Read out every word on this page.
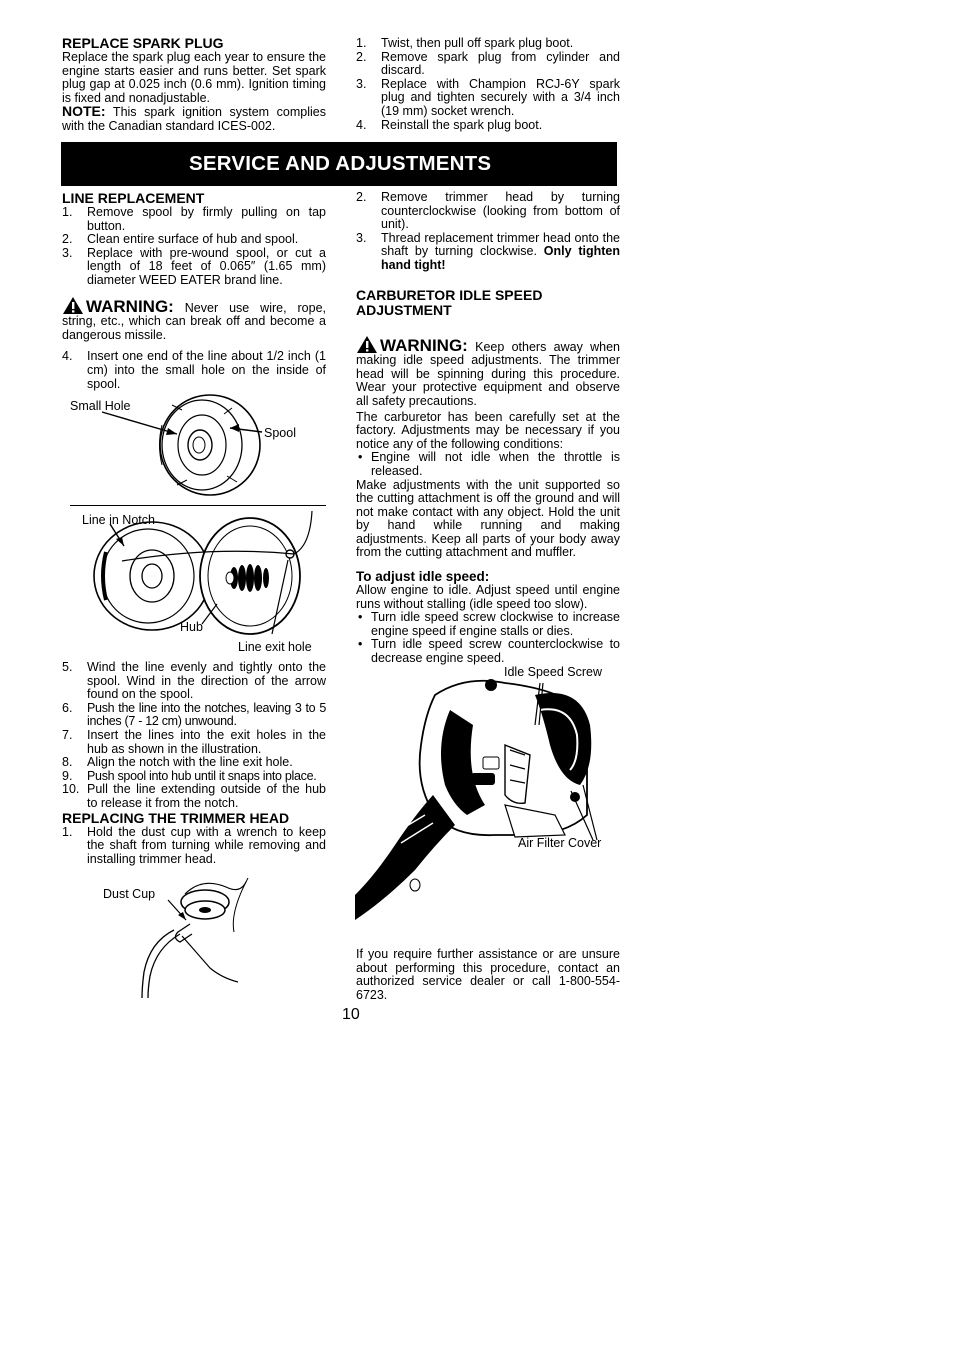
REPLACE SPARK PLUG

Replace the spark plug each year to ensure the engine starts easier and runs better. Set spark plug gap at 0.025 inch (0.6 mm). Ignition timing is fixed and nonadjustable.

NOTE: This spark ignition system complies with the Canadian standard ICES-002.

1.	Twist, then pull off spark plug boot.
2.	Remove spark plug from cylinder and discard.
3.	Replace with Champion RCJ-6Y spark plug and tighten securely with a 3/4 inch (19 mm) socket wrench.
4.	Reinstall the spark plug boot.
SERVICE AND ADJUSTMENTS
LINE REPLACEMENT
1.	Remove spool by firmly pulling on tap button.
2.	Clean entire surface of hub and spool.
3.	Replace with pre-wound spool, or cut a length of 18 feet of 0.065″ (1.65 mm) diameter WEED EATER brand line.

WARNING: Never use wire, rope, string, etc., which can break off and become a dangerous missile.

4.	Insert one end of the line about 1/2 inch (1 cm) into the small hole on the inside of spool.
Small Hole
Spool
Line in Notch
Hub
Line exit hole
5.	Wind the line evenly and tightly onto the spool. Wind in the direction of the arrow found on the spool.
6.	Push the line into the notches, leaving 3 to 5 inches (7 - 12 cm) unwound.
7.	Insert the lines into the exit holes in the hub as shown in the illustration.
8.	Align the notch with the line exit hole.
9.	Push spool into hub until it snaps into place.
10. Pull the line extending outside of the hub to release it from the notch.
REPLACING THE TRIMMER HEAD
1.	Hold the dust cup with a wrench to keep the shaft from turning while removing and installing trimmer head.
Dust Cup
2.	Remove trimmer head by turning counterclockwise (looking from bottom of unit).
3.	Thread replacement trimmer head onto the shaft by turning clockwise. Only tighten hand tight!
CARBURETOR IDLE SPEED ADJUSTMENT

WARNING: Keep others away when making idle speed adjustments. The trimmer head will be spinning during this procedure. Wear your protective equipment and observe all safety precautions.

The carburetor has been carefully set at the factory. Adjustments may be necessary if you notice any of the following conditions:

• Engine will not idle when the throttle is released.

Make adjustments with the unit supported so the cutting attachment is off the ground and will not make contact with any object. Hold the unit by hand while running and making adjustments. Keep all parts of your body away from the cutting attachment and muffler.

To adjust idle speed:

Allow engine to idle. Adjust speed until engine runs without stalling (idle speed too slow).

• Turn idle speed screw clockwise to increase engine speed if engine stalls or dies.
• Turn idle speed screw counterclockwise to decrease engine speed.
Idle Speed Screw
Air Filter Cover
If you require further assistance or are unsure about performing this procedure, contact an authorized service dealer or call 1-800-554-6723.
10
